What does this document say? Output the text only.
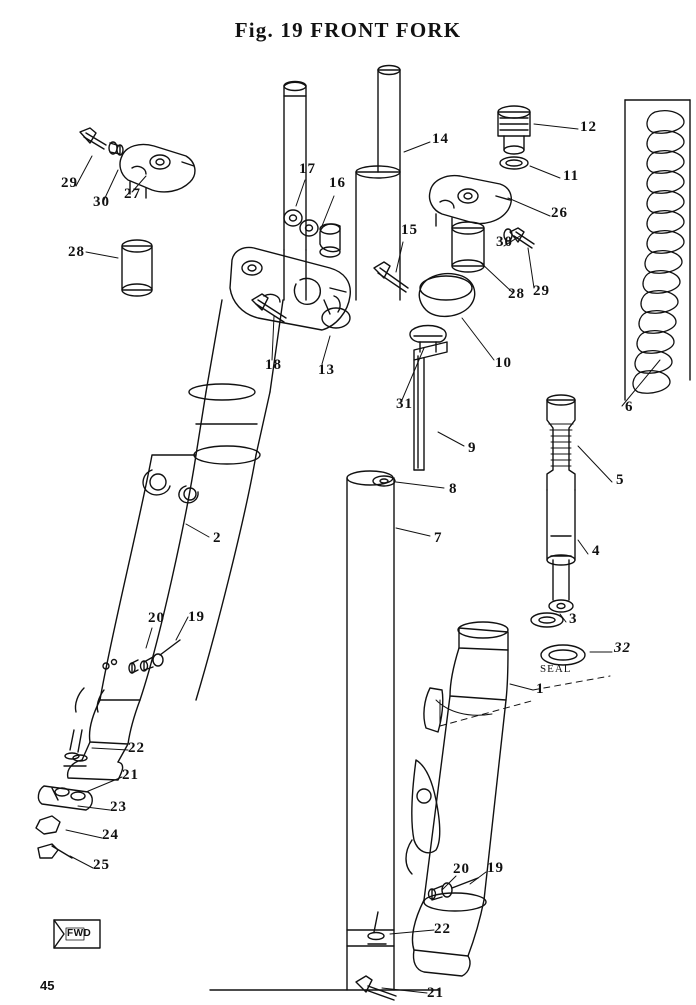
Fig. 19 FRONT FORK
1
2
3
4
5
6
7
8
9
10
11
12
13
14
15
16
17
18
19
20
21
22
23
24
25
26
27
28
29
30
31
32
28 29
30
19
20
21
22
SEAL
FWD
45
